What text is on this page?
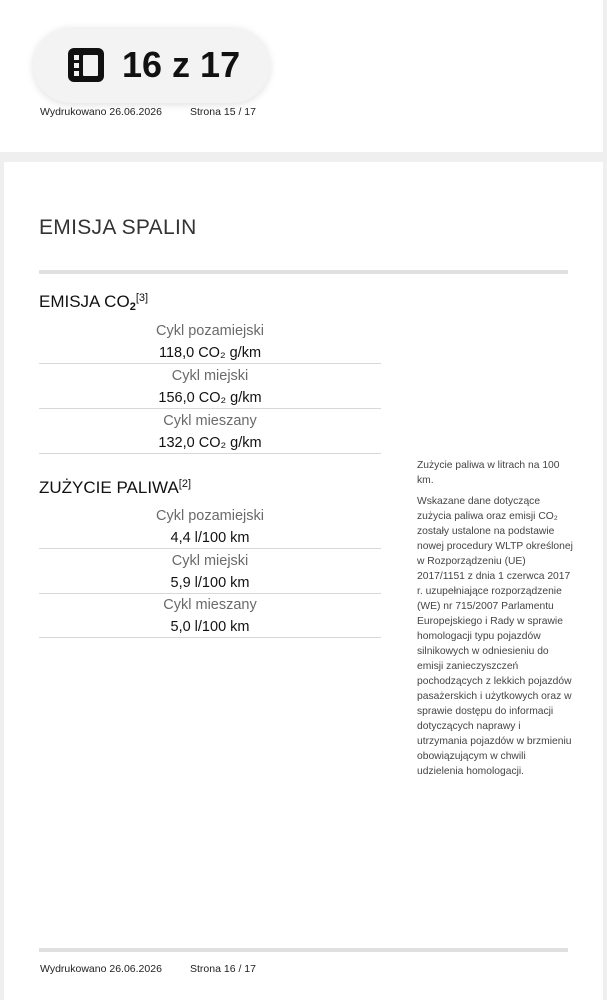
16 z 17
Wydrukowano 26.06.2026	Strona 15 / 17
EMISJA SPALIN
EMISJA CO2[3]
Cykl pozamiejski
118,0 CO₂ g/km
Cykl miejski
156,0 CO₂ g/km
Cykl mieszany
132,0 CO₂ g/km
ZUŻYCIE PALIWA[2]
Cykl pozamiejski
4,4 l/100 km
Cykl miejski
5,9 l/100 km
Cykl mieszany
5,0 l/100 km

Zużycie paliwa w litrach na 100 km.

Wskazane dane dotyczące zużycia paliwa oraz emisji CO₂ zostały ustalone na podstawie nowej procedury WLTP określonej w Rozporządzeniu (UE) 2017/1151 z dnia 1 czerwca 2017 r. uzupełniające rozporządzenie (WE) nr 715/2007 Parlamentu Europejskiego i Rady w sprawie homologacji typu pojazdów silnikowych w odniesieniu do emisji zanieczyszczeń pochodzących z lekkich pojazdów pasażerskich i użytkowych oraz w sprawie dostępu do informacji dotyczących naprawy i utrzymania pojazdów w brzmieniu obowiązującym w chwili udzielenia homologacji.

Wydrukowano 26.06.2026	Strona 16 / 17
